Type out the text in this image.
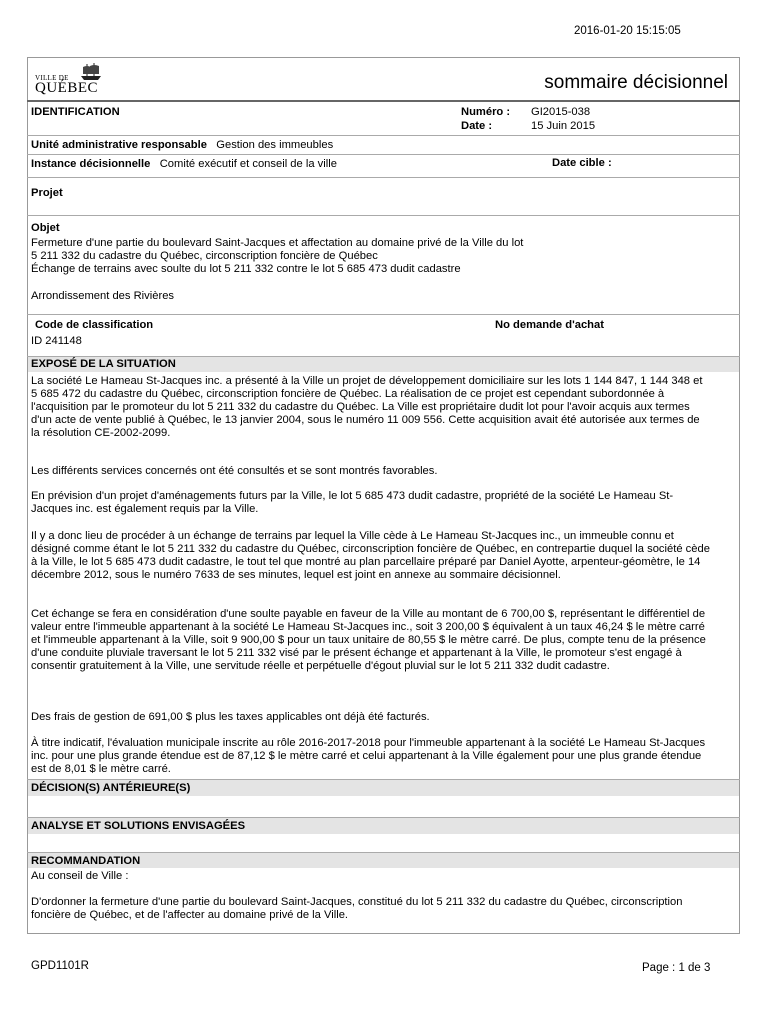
2016-01-20 15:15:05
VILLE DE
QUÉBEC	sommaire décisionnel
IDENTIFICATION	Numéro : GI2015-038
Date :	15 Juin 2015
Unité administrative responsable Gestion des immeubles
Instance décisionnelle Comité exécutif et conseil de la ville	Date cible :
Projet
Objet
Fermeture d'une partie du boulevard Saint-Jacques et affectation au domaine privé de la Ville du lot
5 211 332 du cadastre du Québec, circonscription foncière de Québec
Échange de terrains avec soulte du lot 5 211 332 contre le lot 5 685 473 dudit cadastre
Arrondissement des Rivières
Code de classification
ID 241148
No demande d'achat
EXPOSÉ DE LA SITUATION
La société Le Hameau St-Jacques inc. a présenté à la Ville un projet de développement domiciliaire sur les lots 1 144 847, 1 144 348 et 5 685 472 du cadastre du Québec, circonscription foncière de Québec. La réalisation de ce projet est cependant subordonnée à l'acquisition par le promoteur du lot 5 211 332 du cadastre du Québec. La Ville est propriétaire dudit lot pour l'avoir acquis aux termes d'un acte de vente publié à Québec, le 13 janvier 2004, sous le numéro 11 009 556. Cette acquisition avait été autorisée aux termes de la résolution CE-2002-2099.
Les différents services concernés ont été consultés et se sont montrés favorables.
En prévision d'un projet d'aménagements futurs par la Ville, le lot 5 685 473 dudit cadastre, propriété de la société Le Hameau St-Jacques inc. est également requis par la Ville.
Il y a donc lieu de procéder à un échange de terrains par lequel la Ville cède à Le Hameau St-Jacques inc., un immeuble connu et désigné comme étant le lot 5 211 332 du cadastre du Québec, circonscription foncière de Québec, en contrepartie duquel la société cède à la Ville, le lot 5 685 473 dudit cadastre, le tout tel que montré au plan parcellaire préparé par Daniel Ayotte, arpenteur-géomètre, le 14 décembre 2012, sous le numéro 7633 de ses minutes, lequel est joint en annexe au sommaire décisionnel.
Cet échange se fera en considération d'une soulte payable en faveur de la Ville au montant de 6 700,00 $, représentant le différentiel de valeur entre l'immeuble appartenant à la société Le Hameau St-Jacques inc., soit 3 200,00 $ équivalent à un taux 46,24 $ le mètre carré et l'immeuble appartenant à la Ville, soit 9 900,00 $ pour un taux unitaire de 80,55 $ le mètre carré. De plus, compte tenu de la présence d'une conduite pluviale traversant le lot 5 211 332 visé par le présent échange et appartenant à la Ville, le promoteur s'est engagé à consentir gratuitement à la Ville, une servitude réelle et perpétuelle d'égout pluvial sur le lot 5 211 332 dudit cadastre.
Des frais de gestion de 691,00 $ plus les taxes applicables ont déjà été facturés.
À titre indicatif, l'évaluation municipale inscrite au rôle 2016-2017-2018 pour l'immeuble appartenant à la société Le Hameau St-Jacques inc. pour une plus grande étendue est de 87,12 $ le mètre carré et celui appartenant à la Ville également pour une plus grande étendue est de 8,01 $ le mètre carré.
DÉCISION(S) ANTÉRIEURE(S)
ANALYSE ET SOLUTIONS ENVISAGÉES
RECOMMANDATION
Au conseil de Ville :
D'ordonner la fermeture d'une partie du boulevard Saint-Jacques, constitué du lot 5 211 332 du cadastre du Québec, circonscription foncière de Québec, et de l'affecter au domaine privé de la Ville.
GPD1101R	Page : 1 de 3
